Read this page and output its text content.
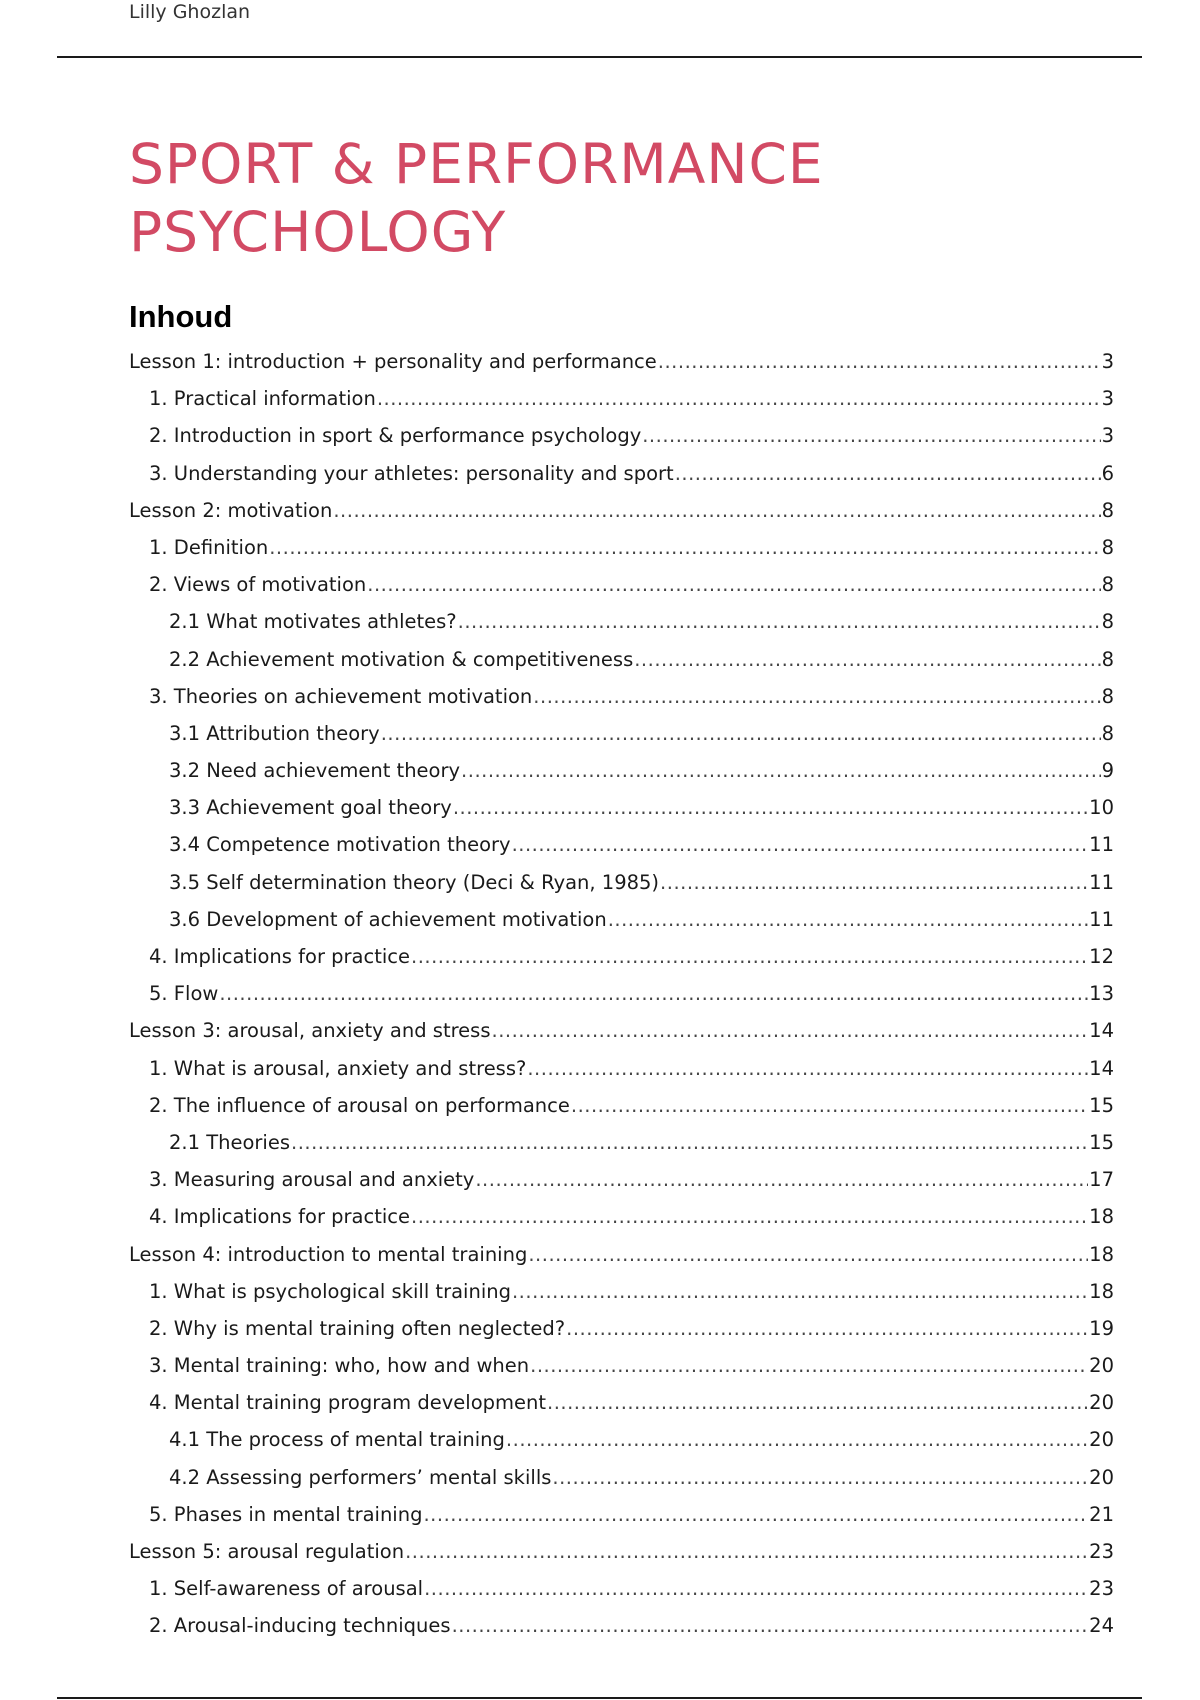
Lilly Ghozlan
SPORT & PERFORMANCE
PSYCHOLOGY
Inhoud
Lesson 1: introduction + personality and performance .....	3
1. Practical information .....	3
2. Introduction in sport & performance psychology .....	3
3. Understanding your athletes: personality and sport .....	6
Lesson 2: motivation .....	8
1. Definition .....	8
2. Views of motivation .....	8
2.1 What motivates athletes? .....	8
2.2 Achievement motivation & competitiveness .....	8
3. Theories on achievement motivation .....	8
3.1 Attribution theory .....	8
3.2 Need achievement theory .....	9
3.3 Achievement goal theory .....	10
3.4 Competence motivation theory .....	11
3.5 Self determination theory (Deci & Ryan, 1985) .....	11
3.6 Development of achievement motivation .....	11
4. Implications for practice .....	12
5. Flow .....	13
Lesson 3: arousal, anxiety and stress .....	14
1. What is arousal, anxiety and stress? .....	14
2. The influence of arousal on performance .....	15
2.1 Theories .....	15
3. Measuring arousal and anxiety .....	17
4. Implications for practice .....	18
Lesson 4: introduction to mental training .....	18
1. What is psychological skill training .....	18
2. Why is mental training often neglected? .....	19
3. Mental training: who, how and when .....	20
4. Mental training program development .....	20
4.1 The process of mental training .....	20
4.2 Assessing performers’ mental skills .....	20
5. Phases in mental training .....	21
Lesson 5: arousal regulation .....	23
1. Self-awareness of arousal .....	23
2. Arousal-inducing techniques .....	24
